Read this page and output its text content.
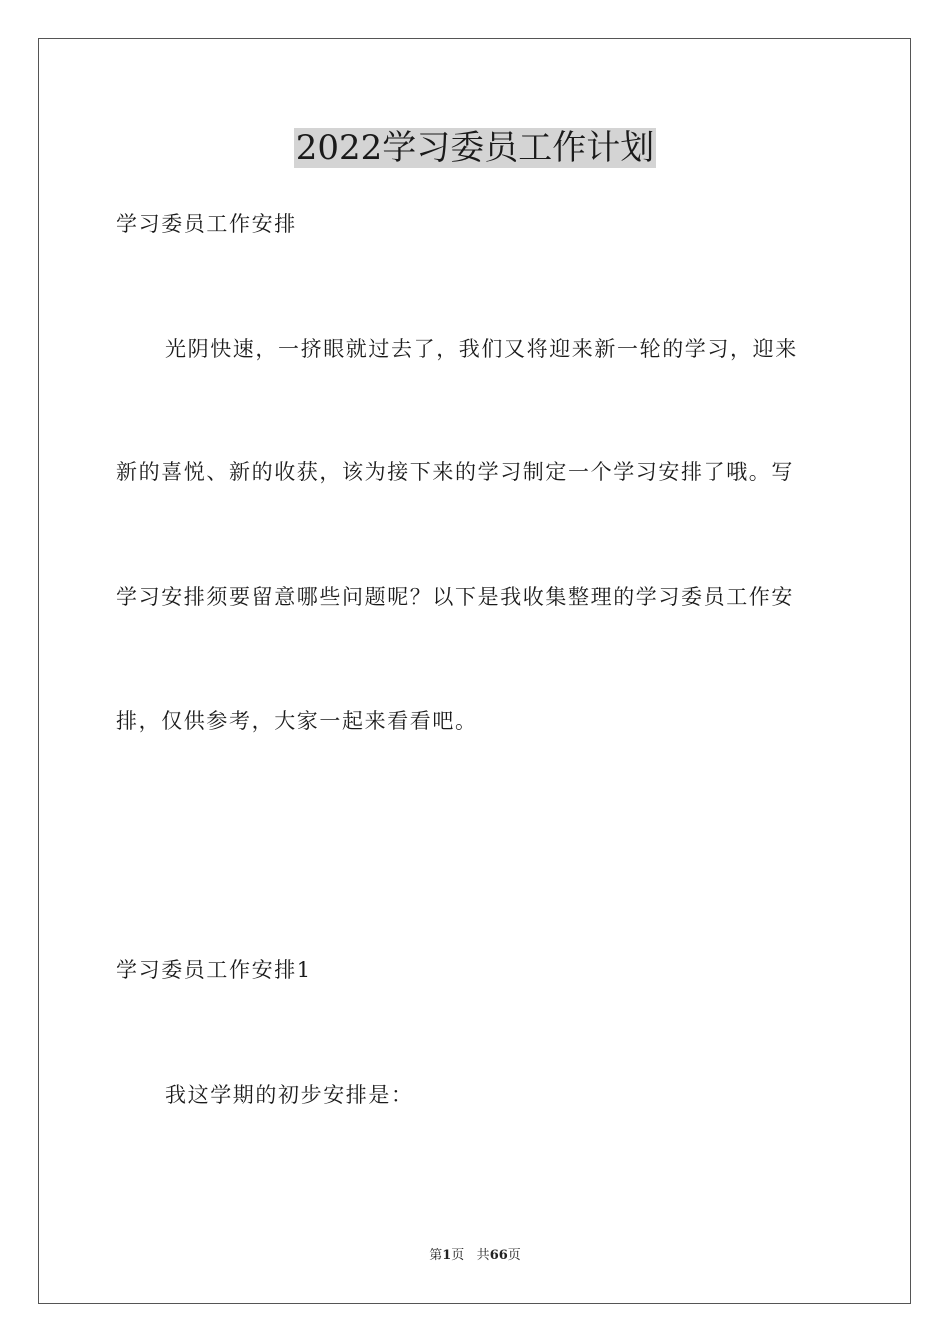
2022学习委员工作计划
学习委员工作安排
光阴快速，一挤眼就过去了，我们又将迎来新一轮的学习，迎来
新的喜悦、新的收获，该为接下来的学习制定一个学习安排了哦。写
学习安排须要留意哪些问题呢？以下是我收集整理的学习委员工作安
排，仅供参考，大家一起来看看吧。
学习委员工作安排1
我这学期的初步安排是：
第1页 共66页
